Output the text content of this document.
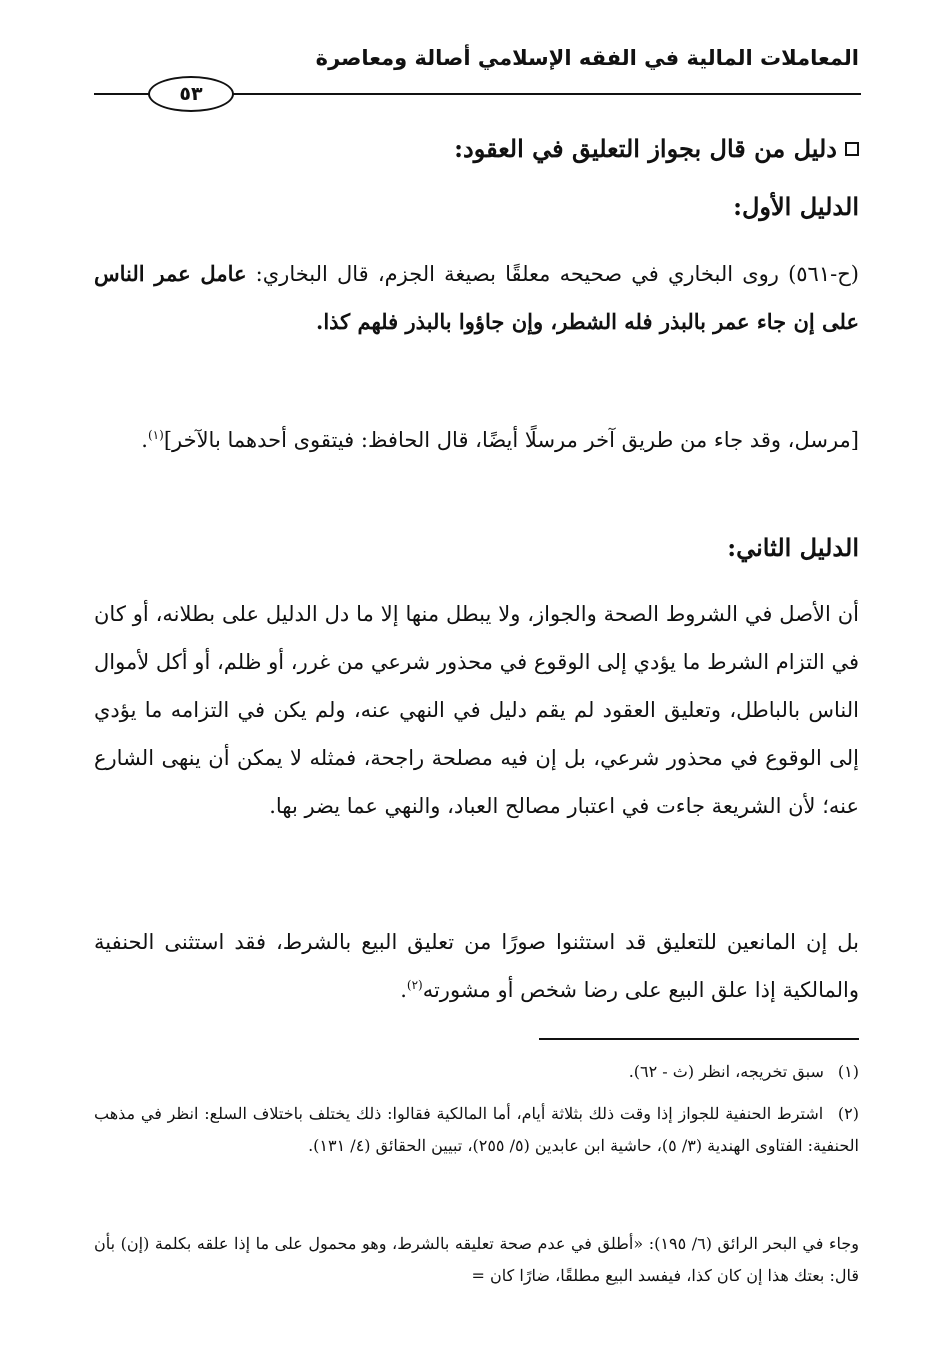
المعاملات المالية في الفقه الإسلامي أصالة ومعاصرة
٥٣
دليل من قال بجواز التعليق في العقود:
الدليل الأول:
(ح-٥٦١) روى البخاري في صحيحه معلقًا بصيغة الجزم، قال البخاري: عامل عمر الناس على إن جاء عمر بالبذر فله الشطر، وإن جاؤوا بالبذر فلهم كذا.
[مرسل، وقد جاء من طريق آخر مرسلًا أيضًا، قال الحافظ: فيتقوى أحدهما بالآخر]$^{(١)}$.
الدليل الثاني:
أن الأصل في الشروط الصحة والجواز، ولا يبطل منها إلا ما دل الدليل على بطلانه، أو كان في التزام الشرط ما يؤدي إلى الوقوع في محذور شرعي من غرر، أو ظلم، أو أكل لأموال الناس بالباطل، وتعليق العقود لم يقم دليل في النهي عنه، ولم يكن في التزامه ما يؤدي إلى الوقوع في محذور شرعي، بل إن فيه مصلحة راجحة، فمثله لا يمكن أن ينهى الشارع عنه؛ لأن الشريعة جاءت في اعتبار مصالح العباد، والنهي عما يضر بها.
بل إن المانعين للتعليق قد استثنوا صورًا من تعليق البيع بالشرط، فقد استثنى الحنفية والمالكية إذا علق البيع على رضا شخص أو مشورته$^{(٢)}$.
(١) سبق تخريجه، انظر (ث - ٦٢).
(٢) اشترط الحنفية للجواز إذا وقت ذلك بثلاثة أيام، أما المالكية فقالوا: ذلك يختلف باختلاف السلع: انظر في مذهب الحنفية: الفتاوى الهندية (٣/ ٥)، حاشية ابن عابدين (٥/ ٢٥٥)، تبيين الحقائق (٤/ ١٣١).
وجاء في البحر الرائق (٦/ ١٩٥): «أطلق في عدم صحة تعليقه بالشرط، وهو محمول على ما إذا علقه بكلمة (إن) بأن قال: بعتك هذا إن كان كذا، فيفسد البيع مطلقًا، ضارًا كان =
